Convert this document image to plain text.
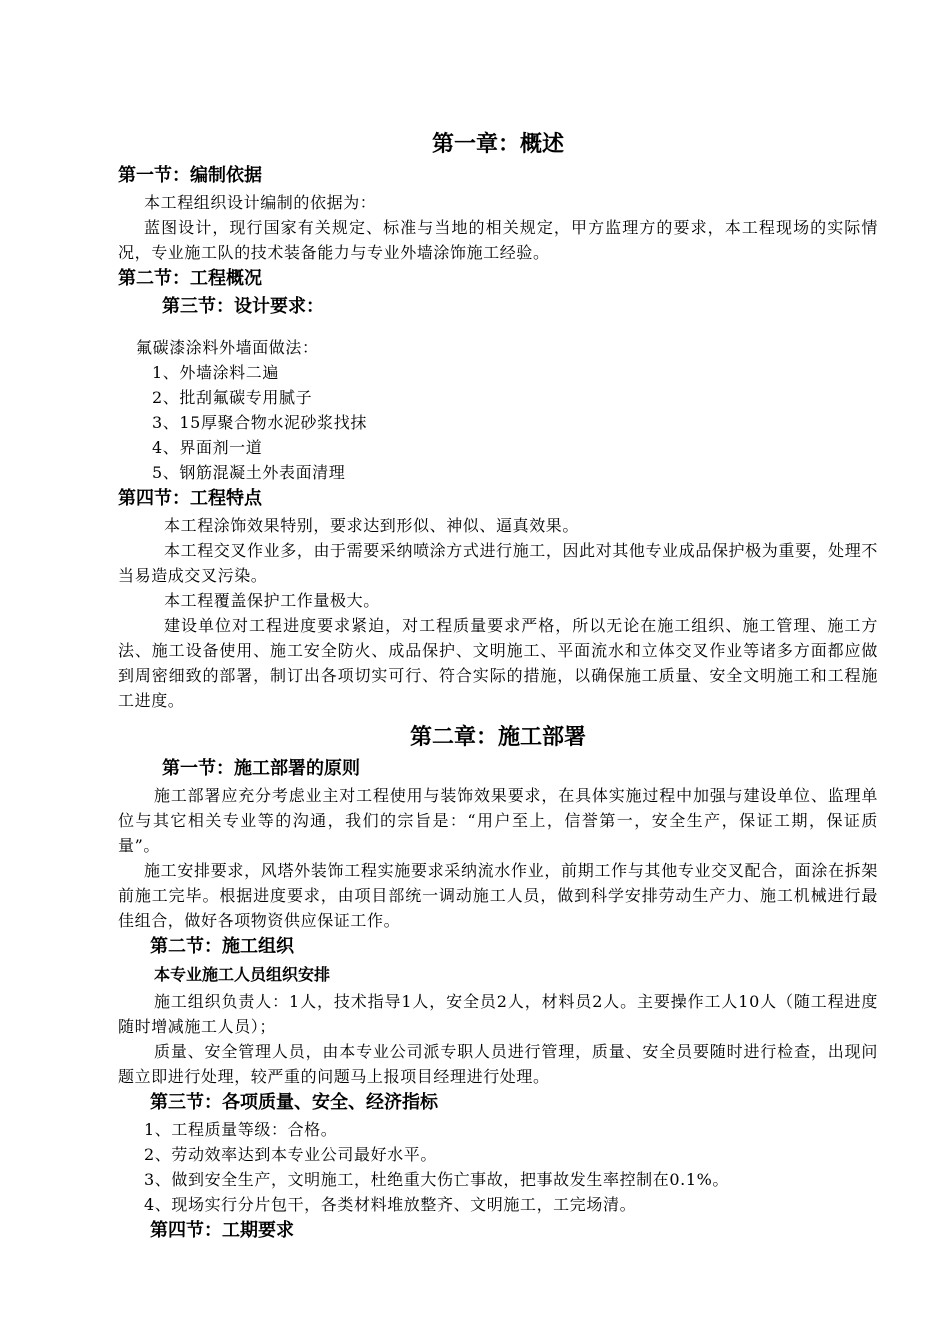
第一章：概述
第一节：编制依据

本工程组织设计编制的依据为：

蓝图设计，现行国家有关规定、标准与当地的相关规定，甲方监理方的要求，本工程现场的实际情况，专业施工队的技术装备能力与专业外墙涂饰施工经验。

第二节：工程概况
第三节：设计要求：
氟碳漆涂料外墙面做法：
1、外墙涂料二遍
2、批刮氟碳专用腻子
3、15厚聚合物水泥砂浆找抹
4、界面剂一道
5、钢筋混凝土外表面清理
第四节：工程特点

本工程涂饰效果特别，要求达到形似、神似、逼真效果。

本工程交叉作业多，由于需要采纳喷涂方式进行施工，因此对其他专业成品保护极为重要，处理不当易造成交叉污染。

本工程覆盖保护工作量极大。

建设单位对工程进度要求紧迫，对工程质量要求严格，所以无论在施工组织、施工管理、施工方法、施工设备使用、施工安全防火、成品保护、文明施工、平面流水和立体交叉作业等诸多方面都应做到周密细致的部署，制订出各项切实可行、符合实际的措施，以确保施工质量、安全文明施工和工程施工进度。

第二章：施工部署
第一节：施工部署的原则

施工部署应充分考虑业主对工程使用与装饰效果要求，在具体实施过程中加强与建设单位、监理单位与其它相关专业等的沟通，我们的宗旨是：“用户至上，信誉第一，安全生产，保证工期，保证质量”。

施工安排要求，风塔外装饰工程实施要求采纳流水作业，前期工作与其他专业交叉配合，面涂在拆架前施工完毕。根据进度要求，由项目部统一调动施工人员，做到科学安排劳动生产力、施工机械进行最佳组合，做好各项物资供应保证工作。

第二节：施工组织
本专业施工人员组织安排

施工组织负责人：1人，技术指导1人，安全员2人，材料员2人。主要操作工人10人（随工程进度随时增减施工人员）；

质量、安全管理人员，由本专业公司派专职人员进行管理，质量、安全员要随时进行检查，出现问题立即进行处理，较严重的问题马上报项目经理进行处理。

第三节：各项质量、安全、经济指标
1、工程质量等级：合格。
2、劳动效率达到本专业公司最好水平。
3、做到安全生产，文明施工，杜绝重大伤亡事故，把事故发生率控制在0.1%。
4、现场实行分片包干，各类材料堆放整齐、文明施工，工完场清。
第四节：工期要求
